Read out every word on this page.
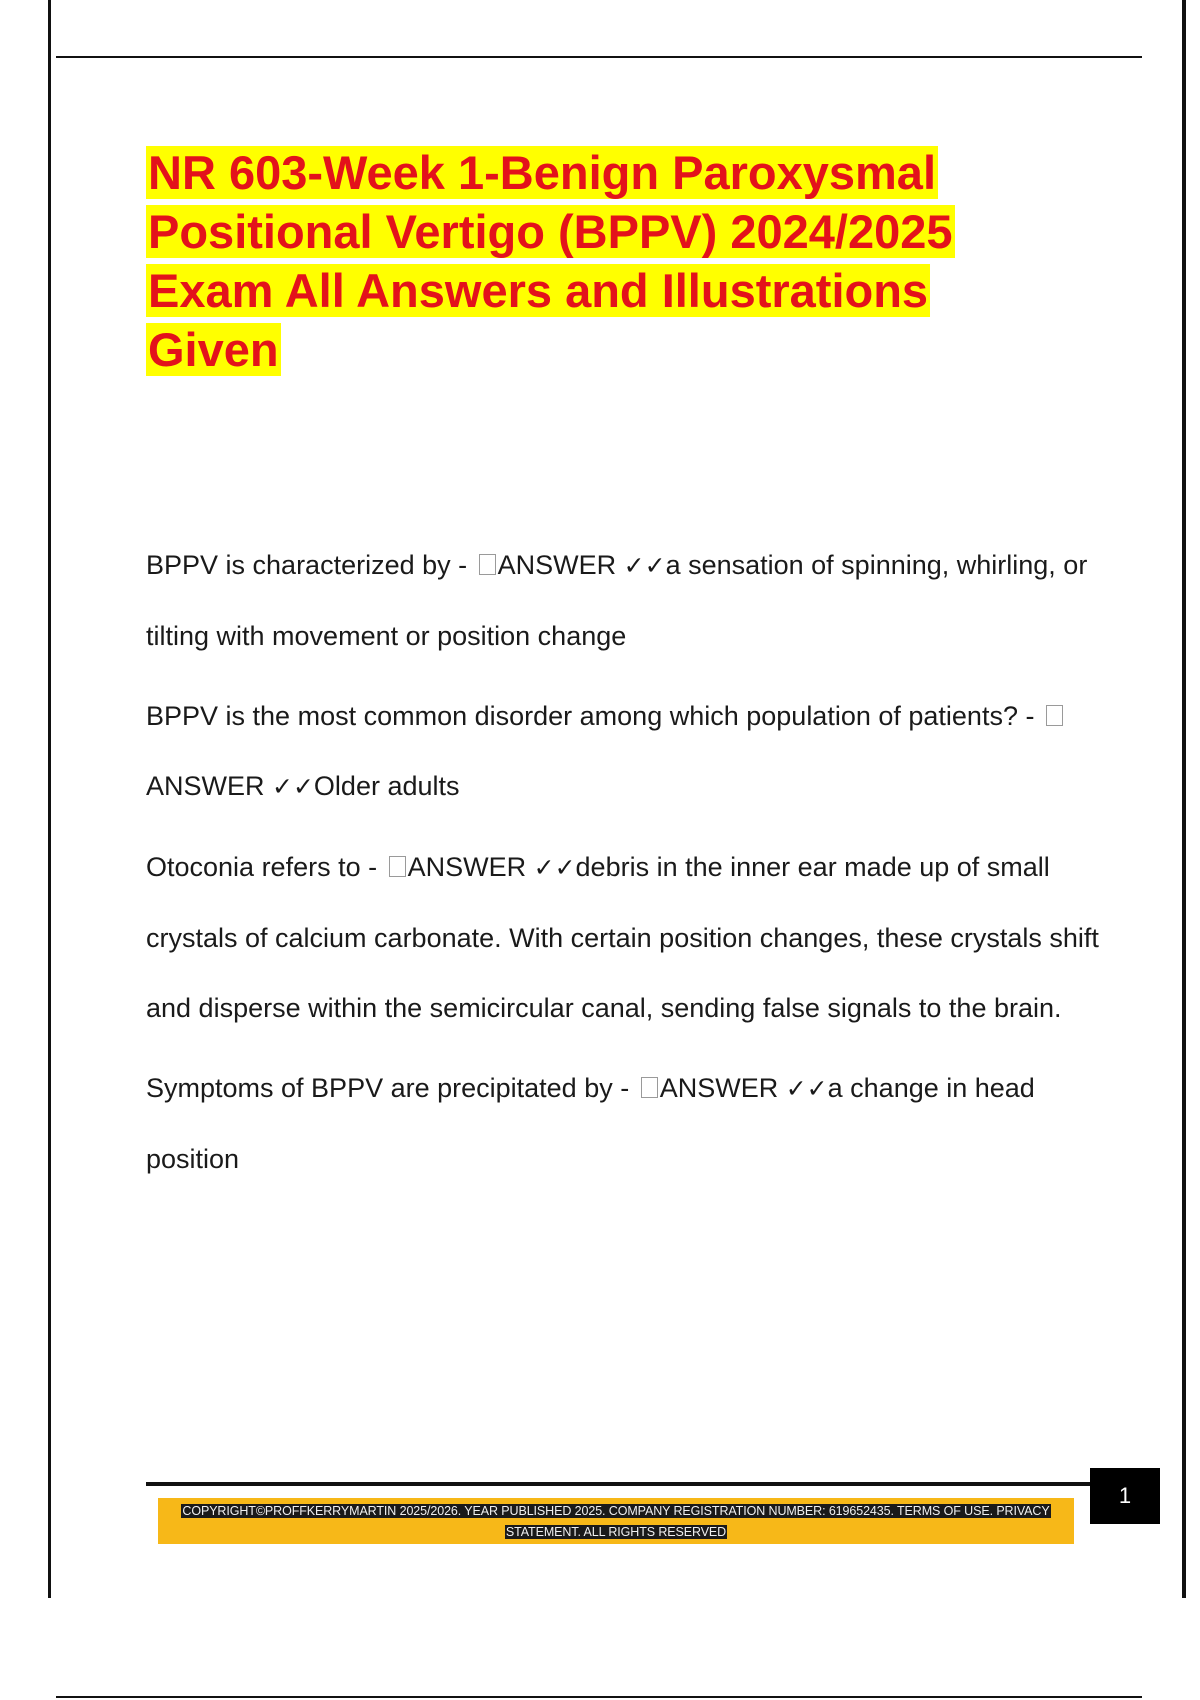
NR 603-Week 1-Benign Paroxysmal Positional Vertigo (BPPV) 2024/2025 Exam All Answers and Illustrations Given

BPPV is characterized by - ANSWER ✓✓a sensation of spinning, whirling, or tilting with movement or position change

BPPV is the most common disorder among which population of patients? - ANSWER ✓✓Older adults

Otoconia refers to - ANSWER ✓✓debris in the inner ear made up of small crystals of calcium carbonate. With certain position changes, these crystals shift and disperse within the semicircular canal, sending false signals to the brain.

Symptoms of BPPV are precipitated by - ANSWER ✓✓a change in head position

1
COPYRIGHT©PROFFKERRYMARTIN 2025/2026. YEAR PUBLISHED 2025. COMPANY REGISTRATION NUMBER: 619652435. TERMS OF USE. PRIVACY STATEMENT. ALL RIGHTS RESERVED
